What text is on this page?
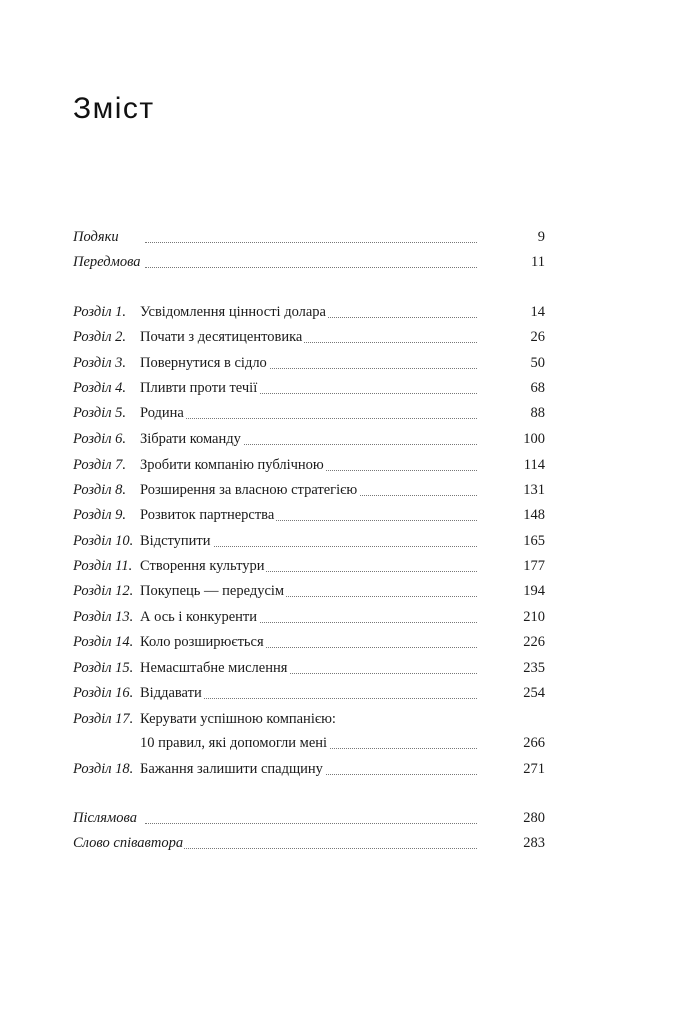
Зміст
Подяки	9
Передмова	11
Розділ 1. Усвідомлення цінності долара	14
Розділ 2. Почати з десятицентовика	26
Розділ 3. Повернутися в сідло	50
Розділ 4. Пливти проти течії	68
Розділ 5. Родина	88
Розділ 6. Зібрати команду	100
Розділ 7. Зробити компанію публічною	114
Розділ 8. Розширення за власною стратегією	131
Розділ 9. Розвиток партнерства	148
Розділ 10. Відступити	165
Розділ 11. Створення культури	177
Розділ 12. Покупець — передусім	194
Розділ 13. А ось і конкуренти	210
Розділ 14. Коло розширюється	226
Розділ 15. Немасштабне мислення	235
Розділ 16. Віддавати	254
Розділ 17. Керувати успішною компанією:
10 правил, які допомогли мені	266
Розділ 18. Бажання залишити спадщину	271
Післямова	280
Слово співавтора	283
